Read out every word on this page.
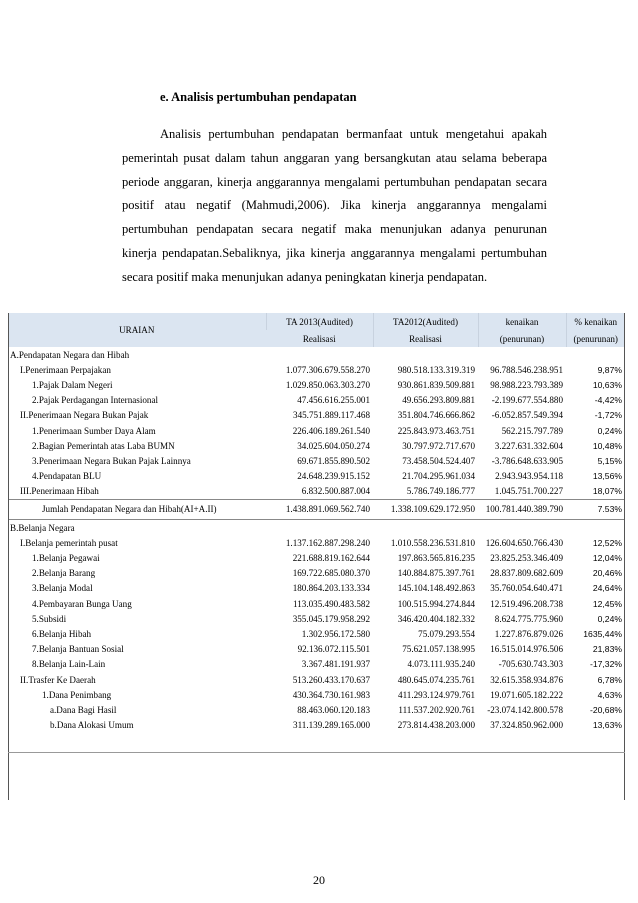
e. Analisis pertumbuhan pendapatan
Analisis pertumbuhan pendapatan bermanfaat untuk mengetahui apakah pemerintah pusat dalam tahun anggaran yang bersangkutan atau selama beberapa periode anggaran, kinerja anggarannya mengalami pertumbuhan pendapatan secara positif atau negatif (Mahmudi,2006). Jika kinerja anggarannya mengalami pertumbuhan pendapatan secara negatif maka menunjukan adanya penurunan kinerja pendapatan.Sebaliknya, jika kinerja anggarannya mengalami pertumbuhan secara positif maka menunjukan adanya peningkatan kinerja pendapatan.
URAIAN	TA 2013(Audited)	TA2012(Audited)	kenaikan	% kenaikan
	Realisasi	Realisasi	(penurunan)	(penurunan)
A.Pendapatan Negara dan Hibah				
I.Penerimaan Perpajakan	1.077.306.679.558.270	980.518.133.319.319	96.788.546.238.951	9,87%
1.Pajak Dalam Negeri	1.029.850.063.303.270	930.861.839.509.881	98.988.223.793.389	10,63%
2.Pajak Perdagangan Internasional	47.456.616.255.001	49.656.293.809.881	-2.199.677.554.880	-4,42%
II.Penerimaan Negara Bukan Pajak	345.751.889.117.468	351.804.746.666.862	-6.052.857.549.394	-1,72%
1.Penerimaan Sumber Daya Alam	226.406.189.261.540	225.843.973.463.751	562.215.797.789	0,24%
2.Bagian Pemerintah atas Laba BUMN	34.025.604.050.274	30.797.972.717.670	3.227.631.332.604	10,48%
3.Penerimaan Negara Bukan Pajak Lainnya	69.671.855.890.502	73.458.504.524.407	-3.786.648.633.905	5,15%
4.Pendapatan BLU	24.648.239.915.152	21.704.295.961.034	2.943.943.954.118	13,56%
III.Penerimaan Hibah	6.832.500.887.004	5.786.749.186.777	1.045.751.700.227	18,07%
Jumlah Pendapatan Negara dan Hibah(AI+A.II)	1.438.891.069.562.740	1.338.109.629.172.950	100.781.440.389.790	7.53%
B.Belanja Negara				
I.Belanja pemerintah pusat	1.137.162.887.298.240	1.010.558.236.531.810	126.604.650.766.430	12,52%
1.Belanja Pegawai	221.688.819.162.644	197.863.565.816.235	23.825.253.346.409	12,04%
2.Belanja Barang	169.722.685.080.370	140.884.875.397.761	28.837.809.682.609	20,46%
3.Belanja Modal	180.864.203.133.334	145.104.148.492.863	35.760.054.640.471	24,64%
4.Pembayaran Bunga Uang	113.035.490.483.582	100.515.994.274.844	12.519.496.208.738	12,45%
5.Subsidi	355.045.179.958.292	346.420.404.182.332	8.624.775.775.960	0,24%
6.Belanja Hibah	1.302.956.172.580	75.079.293.554	1.227.876.879.026	1635,44%
7.Belanja Bantuan Sosial	92.136.072.115.501	75.621.057.138.995	16.515.014.976.506	21,83%
8.Belanja Lain-Lain	3.367.481.191.937	4.073.111.935.240	-705.630.743.303	-17,32%
II.Trasfer Ke Daerah	513.260.433.170.637	480.645.074.235.761	32.615.358.934.876	6,78%
1.Dana Penimbang	430.364.730.161.983	411.293.124.979.761	19.071.605.182.222	4,63%
a.Dana Bagi Hasil	88.463.060.120.183	111.537.202.920.761	-23.074.142.800.578	-20,68%
b.Dana Alokasi Umum	311.139.289.165.000	273.814.438.203.000	37.324.850.962.000	13,63%
20
